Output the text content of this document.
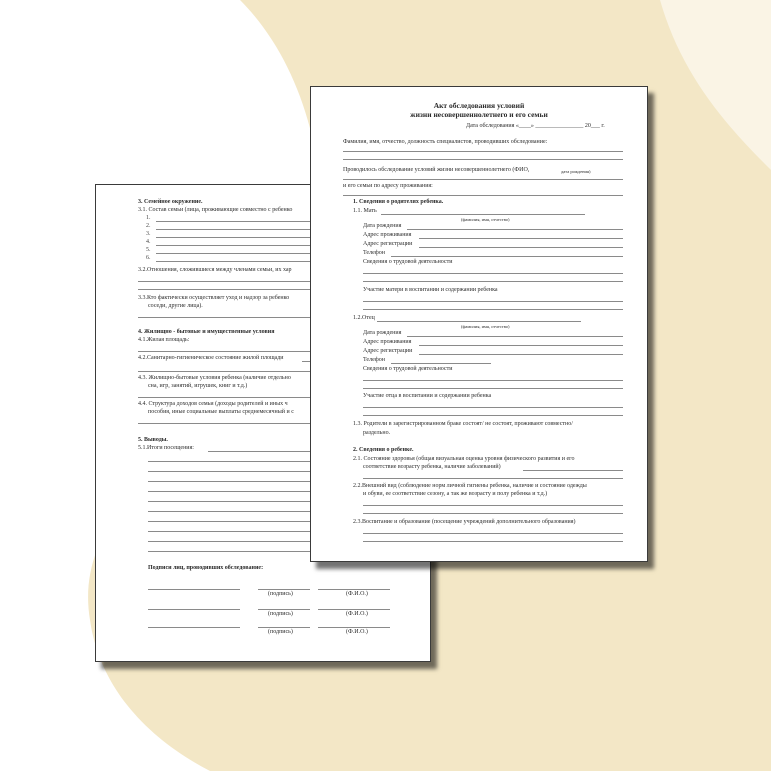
3. Семейное окружение.
3.1. Состав семьи (лица, проживающие совместно с ребенко
1.
2.
3.
4.
5.
6.
3.2.Отношения, сложившиеся между членами семьи, их хар
3.3.Кто фактически осуществляет уход и надзор за ребенко
соседи, другие лица).
4. Жилищно - бытовые и имущественные условия
4.1.Жилая площадь:
4.2.Санитарно-гигиеническое состояние жилой площади
4.3. Жилищно-бытовые условия ребенка (наличие отдельно
сна, игр, занятий, игрушек, книг и т.д.)
4.4. Структура доходов семьи (доходы родителей и иных ч
пособия, иные социальные выплаты среднемесячный и с
5. Выводы.
5.1.Итоги посещения:
Подписи лиц, проводивших обследование:
(подпись)	(Ф.И.О.)
(подпись)	(Ф.И.О.)
(подпись)	(Ф.И.О.)
Акт обследования условий
жизни несовершеннолетнего и его семьи
Дата обследования «____» ________________ 20___ г.
Фамилия, имя, отчество, должность специалистов, проводивших обследование:
Проводилось обследование условий жизни несовершеннолетнего (ФИО,	дата рождения)
и его семьи по адресу проживания:
1. Сведения о родителях ребенка.
1.1. Мать
(фамилия, имя, отчество)
Дата рождения
Адрес проживания
Адрес регистрации
Телефон
Сведения о трудовой деятельности
Участие матери в воспитании и содержании ребенка
1.2.Отец
(фамилия, имя, отчество)
Дата рождения
Адрес проживания
Адрес регистрации
Телефон
Сведения о трудовой деятельности
Участие отца в воспитании и содержании ребенка
1.3. Родители в зарегистрированном браке состоят/ не состоят, проживают совместно/
раздельно.
2. Сведения о ребенке.
2.1. Состояние здоровья (общая визуальная оценка уровня физического развития и его
соответствие возрасту ребенка, наличие заболеваний)
2.2.Внешний вид (соблюдение норм личной гигиены ребенка, наличие и состояние одежды
и обуви, ее соответствие сезону, а так же возрасту и полу ребенка и т.д.)
2.3.Воспитание и образование (посещение учреждений дополнительного образования)
